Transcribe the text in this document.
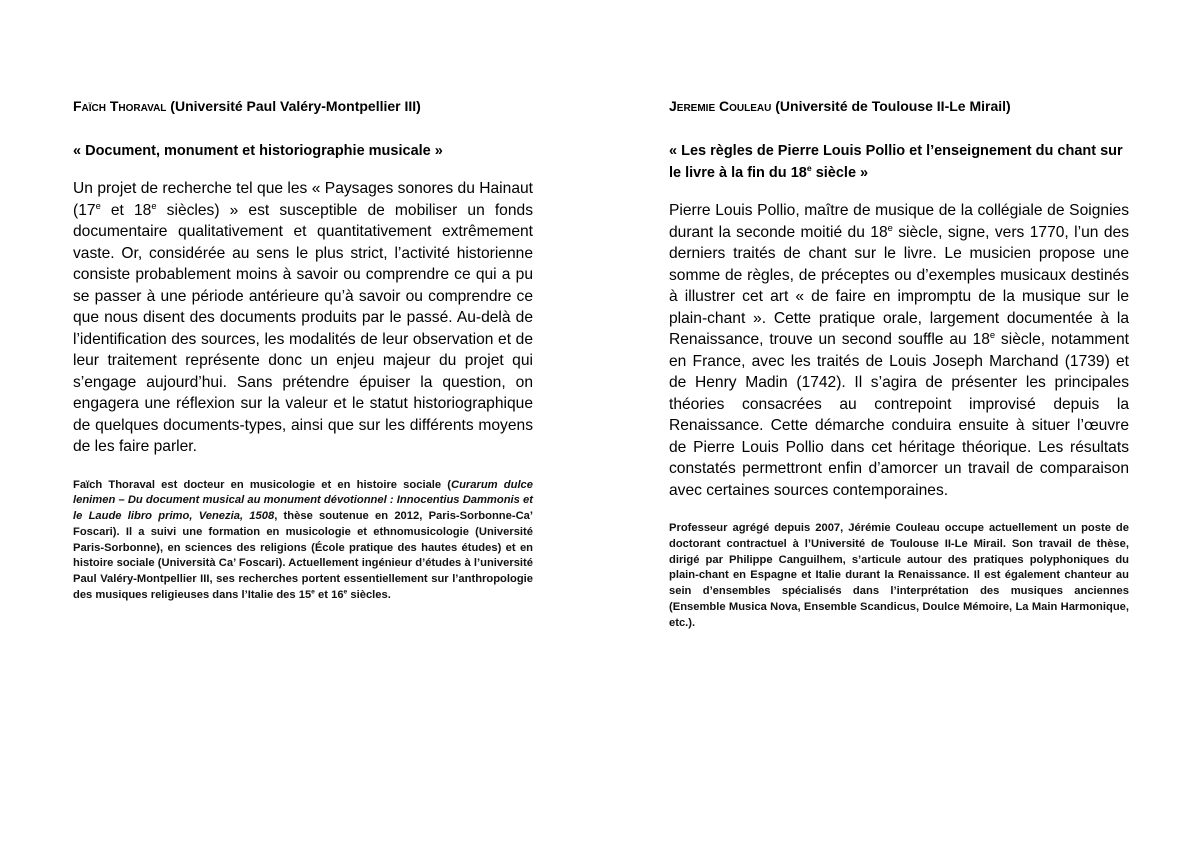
Faïch Thoraval (Université Paul Valéry-Montpellier III)

« Document, monument et historiographie musicale »

Un projet de recherche tel que les « Paysages sonores du Hainaut (17e et 18e siècles) » est susceptible de mobiliser un fonds documentaire qualitativement et quantitativement extrêmement vaste. Or, considérée au sens le plus strict, l’activité historienne consiste probablement moins à savoir ou comprendre ce qui a pu se passer à une période antérieure qu’à savoir ou comprendre ce que nous disent des documents produits par le passé. Au-delà de l’identification des sources, les modalités de leur observation et de leur traitement représente donc un enjeu majeur du projet qui s’engage aujourd’hui. Sans prétendre épuiser la question, on engagera une réflexion sur la valeur et le statut historiographique de quelques documents-types, ainsi que sur les différents moyens de les faire parler.

Faïch Thoraval est docteur en musicologie et en histoire sociale (Curarum dulce lenimen – Du document musical au monument dévotionnel : Innocentius Dammonis et le Laude libro primo, Venezia, 1508, thèse soutenue en 2012, Paris-Sorbonne-Ca’ Foscari). Il a suivi une formation en musicologie et ethnomusicologie (Université Paris-Sorbonne), en sciences des religions (École pratique des hautes études) et en histoire sociale (Università Ca’ Foscari). Actuellement ingénieur d’études à l’université Paul Valéry-Montpellier III, ses recherches portent essentiellement sur l’anthropologie des musiques religieuses dans l’Italie des 15e et 16e siècles.

Jeremie Couleau (Université de Toulouse II-Le Mirail)

« Les règles de Pierre Louis Pollio et l’enseignement du chant sur le livre à la fin du 18e siècle »

Pierre Louis Pollio, maître de musique de la collégiale de Soignies durant la seconde moitié du 18e siècle, signe, vers 1770, l’un des derniers traités de chant sur le livre. Le musicien propose une somme de règles, de préceptes ou d’exemples musicaux destinés à illustrer cet art « de faire en impromptu de la musique sur le plain-chant ». Cette pratique orale, largement documentée à la Renaissance, trouve un second souffle au 18e siècle, notamment en France, avec les traités de Louis Joseph Marchand (1739) et de Henry Madin (1742). Il s’agira de présenter les principales théories consacrées au contrepoint improvisé depuis la Renaissance. Cette démarche conduira ensuite à situer l’œuvre de Pierre Louis Pollio dans cet héritage théorique. Les résultats constatés permettront enfin d’amorcer un travail de comparaison avec certaines sources contemporaines.

Professeur agrégé depuis 2007, Jérémie Couleau occupe actuellement un poste de doctorant contractuel à l’Université de Toulouse II-Le Mirail. Son travail de thèse, dirigé par Philippe Canguilhem, s’articule autour des pratiques polyphoniques du plain-chant en Espagne et Italie durant la Renaissance. Il est également chanteur au sein d’ensembles spécialisés dans l’interprétation des musiques anciennes (Ensemble Musica Nova, Ensemble Scandicus, Doulce Mémoire, La Main Harmonique, etc.).
